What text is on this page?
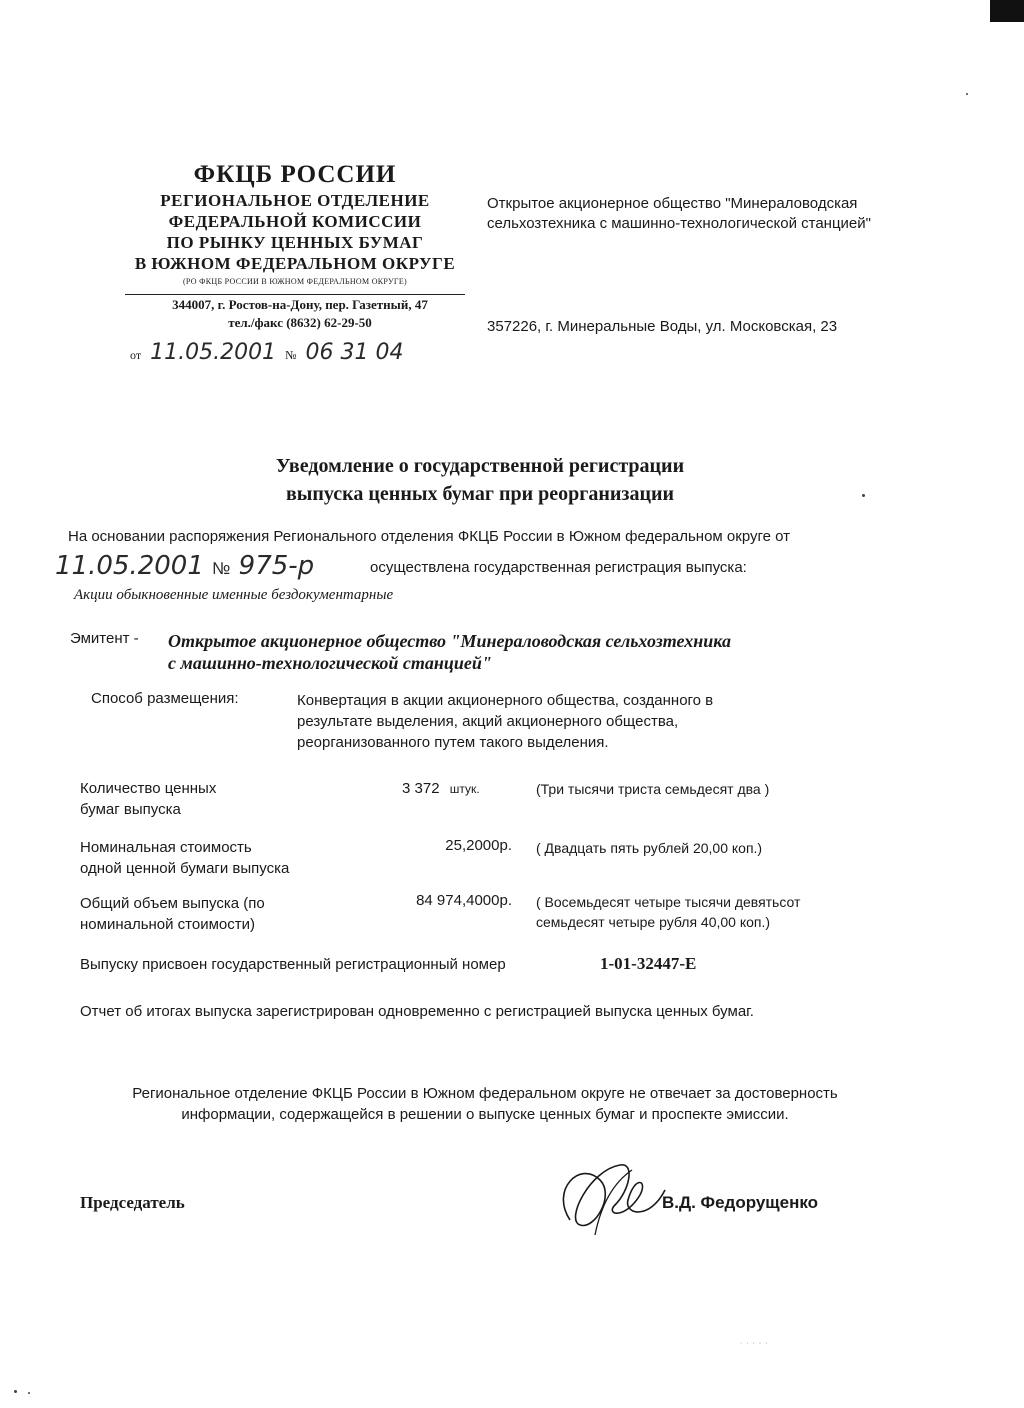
ФКЦБ РОССИИ
РЕГИОНАЛЬНОЕ ОТДЕЛЕНИЕ
ФЕДЕРАЛЬНОЙ КОМИССИИ
ПО РЫНКУ ЦЕННЫХ БУМАГ
В ЮЖНОМ ФЕДЕРАЛЬНОМ ОКРУГЕ
(РО ФКЦБ РОССИИ В ЮЖНОМ ФЕДЕРАЛЬНОМ ОКРУГЕ)
344007, г. Ростов-на-Дону, пер. Газетный, 47
тел./факс (8632) 62-29-50
от 11.05.2001 № 06 31 04
Открытое акционерное общество "Минераловодская сельхозтехника с машинно-технологической станцией"
357226, г. Минеральные Воды, ул. Московская, 23
Уведомление о государственной регистрации
выпуска ценных бумаг при реорганизации
На основании распоряжения Регионального отделения ФКЦБ России в Южном федеральном округе от
11.05.2001 № 975-р	осуществлена государственная регистрация выпуска:
Акции обыкновенные именные бездокументарные
Эмитент - Открытое акционерное общество "Минераловодская сельхозтехника
с машинно-технологической станцией"
Способ размещения:	Конвертация в акции акционерного общества, созданного в
результате выделения, акций акционерного общества,
реорганизованного путем такого выделения.
Количество ценных
бумаг выпуска
3 372 штук.	(Три тысячи триста семьдесят два )
Номинальная стоимость
одной ценной бумаги выпуска
25,2000р. ( Двадцать пять рублей 20,00 коп.)
Общий объем выпуска (по
номинальной стоимости)
84 974,4000р. ( Восемьдесят четыре тысячи девятьсот
семьдесят четыре рубля 40,00 коп.)
Выпуску присвоен государственный регистрационный номер	1-01-32447-Е
Отчет об итогах выпуска зарегистрирован одновременно с регистрацией выпуска ценных бумаг.
Региональное отделение ФКЦБ России в Южном федеральном округе не отвечает за достоверность
информации, содержащейся в решении о выпуске ценных бумаг и проспекте эмиссии.
Председатель	В.Д. Федорущенко
· · · · ·
